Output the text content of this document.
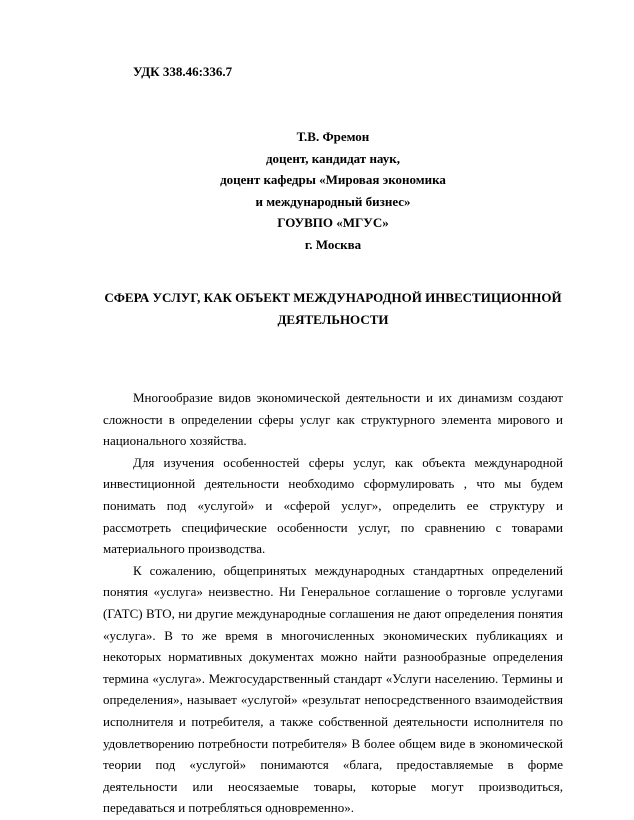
УДК 338.46:336.7
Т.В. Фремон
доцент, кандидат наук,
доцент кафедры «Мировая экономика
и международный бизнес»
ГОУВПО «МГУС»
г. Москва
СФЕРА УСЛУГ, КАК ОБЪЕКТ МЕЖДУНАРОДНОЙ ИНВЕСТИЦИОННОЙ ДЕЯТЕЛЬНОСТИ

Многообразие видов экономической деятельности и их динамизм создают сложности в определении сферы услуг как структурного элемента мирового и национального хозяйства.

Для изучения особенностей сферы услуг, как объекта международной инвестиционной деятельности необходимо сформулировать , что мы будем понимать под «услугой» и «сферой услуг», определить ее структуру и рассмотреть специфические особенности услуг, по сравнению с товарами материального производства.

К сожалению, общепринятых международных стандартных определений понятия «услуга» неизвестно. Ни Генеральное соглашение о торговле услугами (ГАТС) ВТО, ни другие международные соглашения не дают определения понятия «услуга». В то же время в многочисленных экономических публикациях и некоторых нормативных документах можно найти разнообразные определения термина «услуга». Межгосударственный стандарт «Услуги населению. Термины и определения», называет «услугой» «результат непосредственного взаимодействия исполнителя и потребителя, а также собственной деятельности исполнителя по удовлетворению потребности потребителя» В более общем виде в экономической теории под «услугой» понимаются «блага, предоставляемые в форме деятельности или неосязаемые товары, которые могут производиться, передаваться и потребляться одновременно».
